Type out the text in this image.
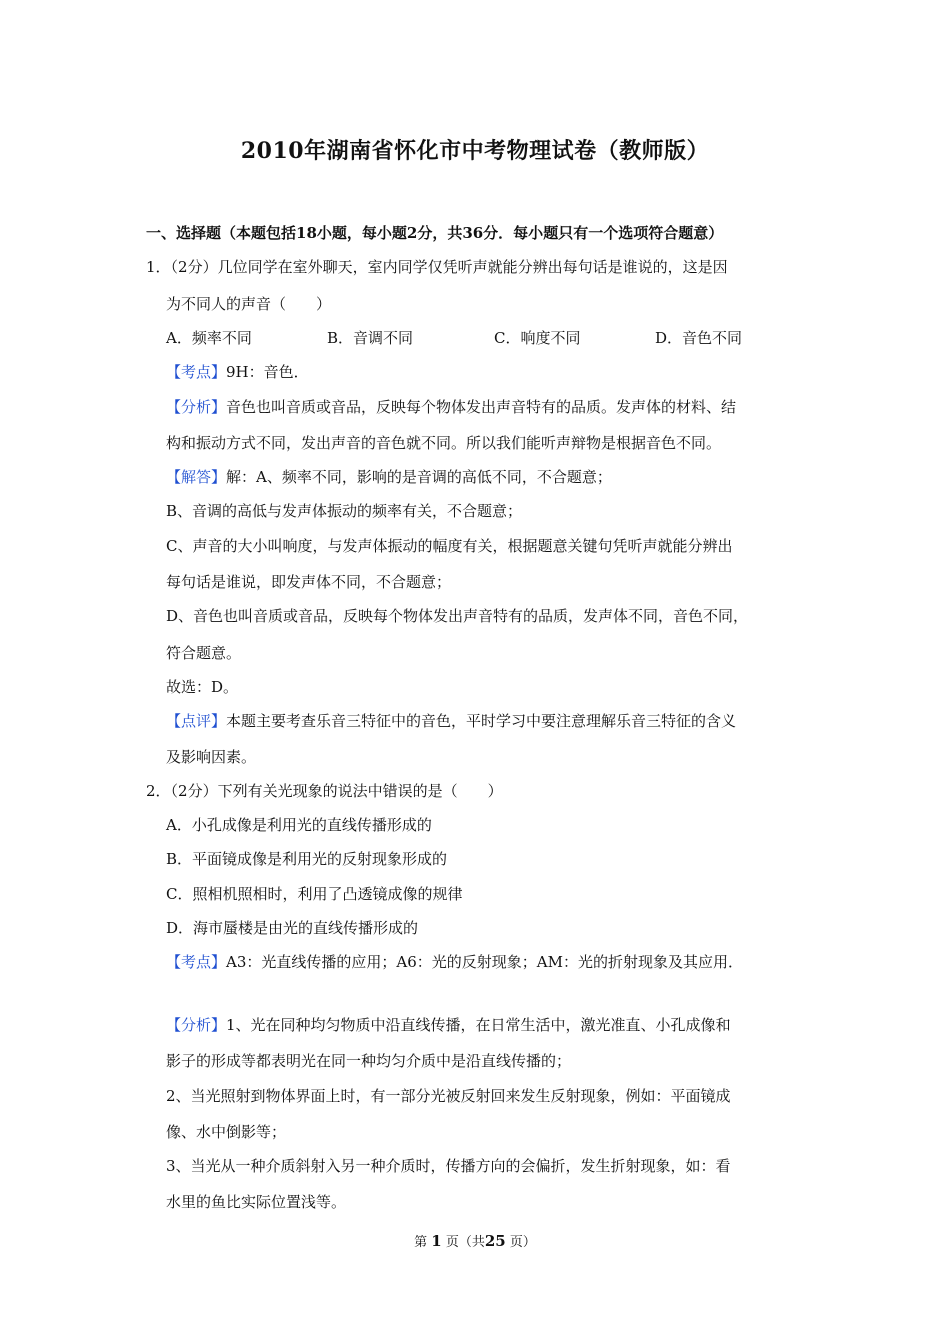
2010年湖南省怀化市中考物理试卷（教师版）
一、选择题（本题包括18小题，每小题2分，共36分．每小题只有一个选项符合题意）
1．（2分）几位同学在室外聊天，室内同学仅凭听声就能分辨出每句话是谁说的，这是因
为不同人的声音（　　）
A．频率不同	B．音调不同	C．响度不同	D．音色不同
【考点】9H：音色．
【分析】音色也叫音质或音品，反映每个物体发出声音特有的品质。发声体的材料、结
构和振动方式不同，发出声音的音色就不同。所以我们能听声辩物是根据音色不同。
【解答】解：A、频率不同，影响的是音调的高低不同，不合题意；
B、音调的高低与发声体振动的频率有关，不合题意；
C、声音的大小叫响度，与发声体振动的幅度有关，根据题意关键句凭听声就能分辨出
每句话是谁说，即发声体不同，不合题意；
D、音色也叫音质或音品，反映每个物体发出声音特有的品质，发声体不同，音色不同，
符合题意。
故选：D。
【点评】本题主要考查乐音三特征中的音色，平时学习中要注意理解乐音三特征的含义
及影响因素。
2．（2分）下列有关光现象的说法中错误的是（　　）
A．小孔成像是利用光的直线传播形成的
B．平面镜成像是利用光的反射现象形成的
C．照相机照相时，利用了凸透镜成像的规律
D．海市蜃楼是由光的直线传播形成的
【考点】A3：光直线传播的应用；A6：光的反射现象；AM：光的折射现象及其应用．
【分析】1、光在同种均匀物质中沿直线传播，在日常生活中，激光准直、小孔成像和
影子的形成等都表明光在同一种均匀介质中是沿直线传播的；
2、当光照射到物体界面上时，有一部分光被反射回来发生反射现象，例如：平面镜成
像、水中倒影等；
3、当光从一种介质斜射入另一种介质时，传播方向的会偏折，发生折射现象，如：看
水里的鱼比实际位置浅等。
第 1 页（共25 页）
